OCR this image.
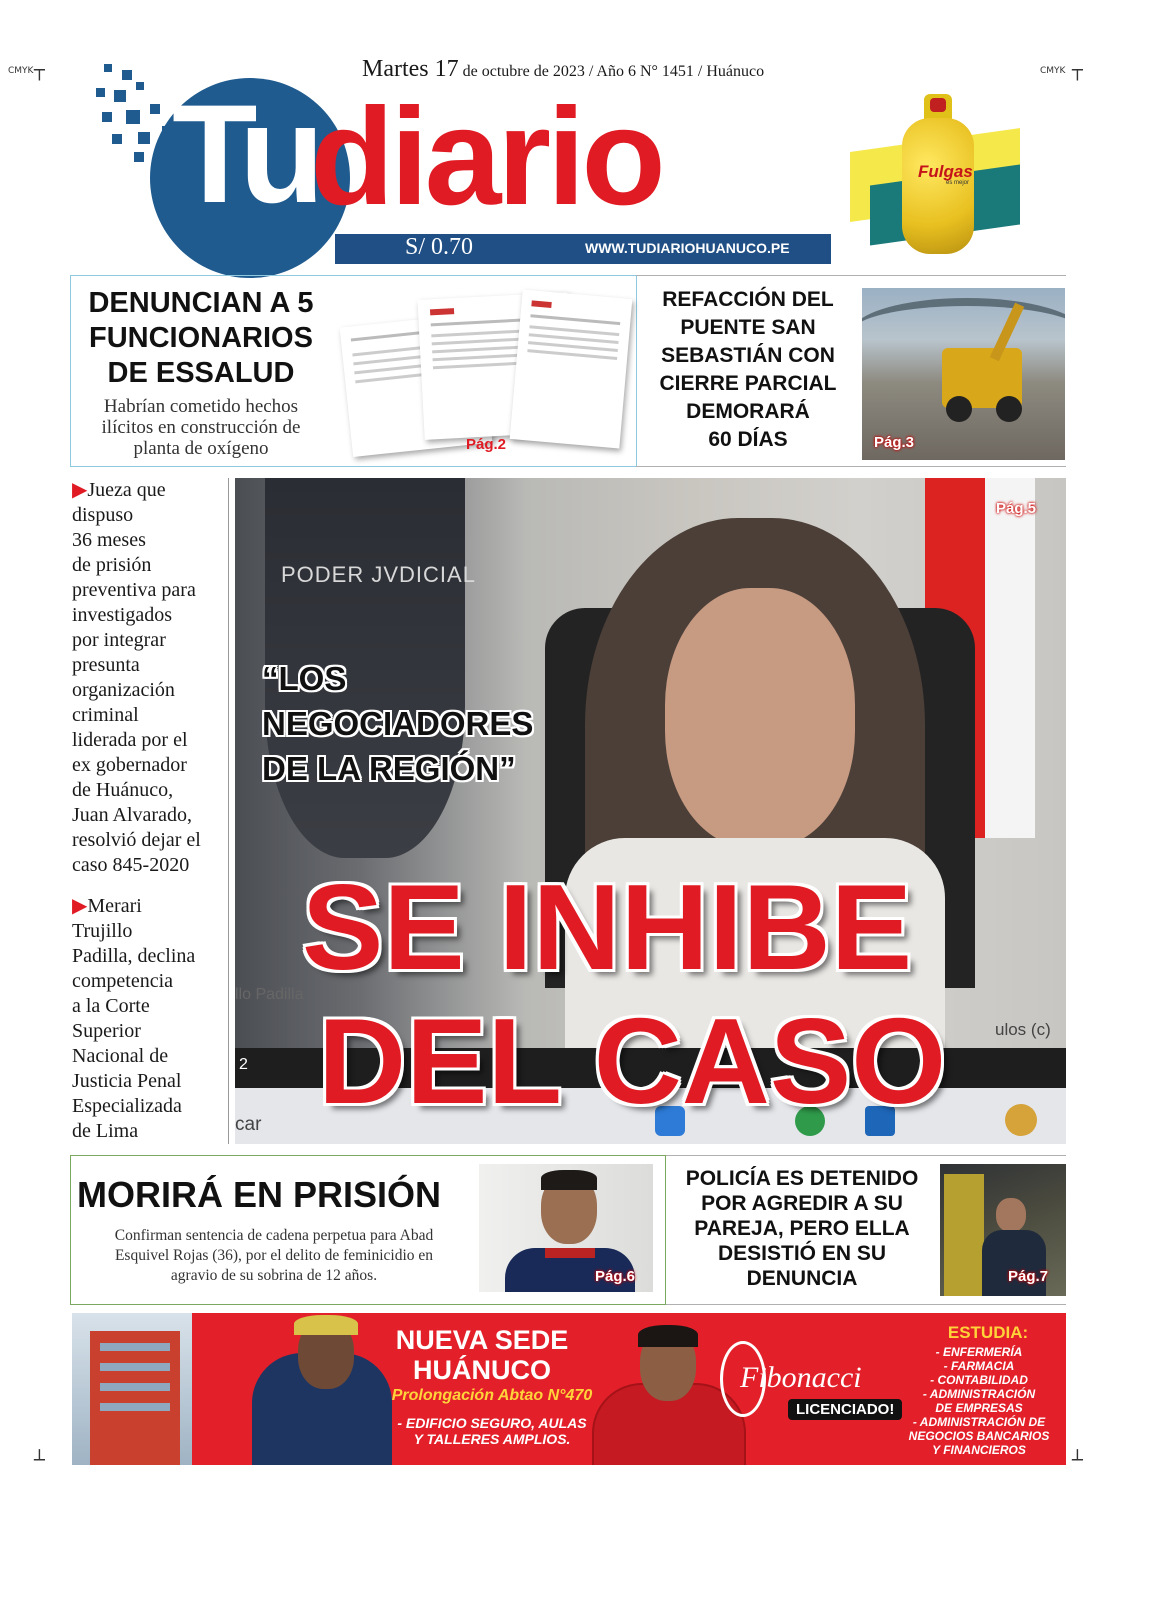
CMYK ┬	CMYK ┬
┴	┴
Martes 17 de octubre de 2023 / Año 6 N° 1451 / Huánuco
Tu
diario
S/ 0.70	WWW.TUDIARIOHUANUCO.PE
Fulgas
es mejor
DENUNCIAN A 5
FUNCIONARIOS
DE ESSALUD
Habrían cometido hechos
ilícitos en construcción de
planta de oxígeno	Pág.2
REFACCIÓN DEL
PUENTE SAN
SEBASTIÁN CON
CIERRE PARCIAL
DEMORARÁ
60 DÍAS	Pág.3
▶Jueza que
dispuso
36 meses
de prisión
preventiva para
investigados
por integrar
presunta
organización
criminal
liderada por el
ex gobernador
de Huánuco,
Juan Alvarado,
resolvió dejar el
caso 845-2020
▶Merari
Trujillo
Padilla, declina
competencia
a la Corte
Superior
Nacional de
Justicia Penal
Especializada
de Lima
PODER JVDICIAL
llo Padilla
ulos (c)
2
car
Pág.5
“LOS
NEGOCIADORES
DE LA REGIÓN”
SE INHIBE
DEL CASO
MORIRÁ EN PRISIÓN
Confirman sentencia de cadena perpetua para Abad
Esquivel Rojas (36), por el delito de feminicidio en
agravio de su sobrina de 12 años.	Pág.6
POLICÍA ES DETENIDO
POR AGREDIR A SU
PAREJA, PERO ELLA
DESISTIÓ EN SU
DENUNCIA	Pág.7
NUEVA SEDE
HUÁNUCO
Prolongación Abtao N°470
- EDIFICIO SEGURO, AULAS
Y TALLERES AMPLIOS.
Fibonacci
LICENCIADO!
ESTUDIA:
- ENFERMERÍA
- FARMACIA
- CONTABILIDAD
- ADMINISTRACIÓN
DE EMPRESAS
- ADMINISTRACIÓN DE
NEGOCIOS BANCARIOS
Y FINANCIEROS
